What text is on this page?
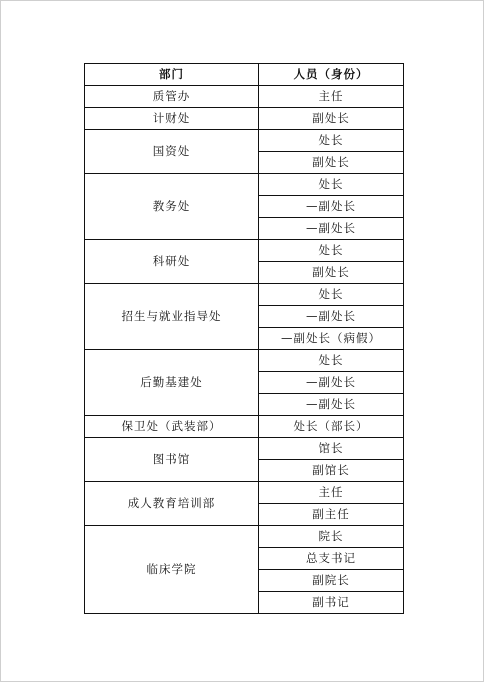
部门	人员（身份）
质管办	主任
计财处	副处长
国资处	处长
	副处长
教务处	处长
	—副处长
	—副处长
科研处	处长
	副处长
招生与就业指导处	处长
	—副处长
	—副处长（病假）
后勤基建处	处长
	—副处长
	—副处长
保卫处（武装部）	处长（部长）
图书馆	馆长
	副馆长
成人教育培训部	主任
	副主任
临床学院	院长
	总支书记
	副院长
	副书记
